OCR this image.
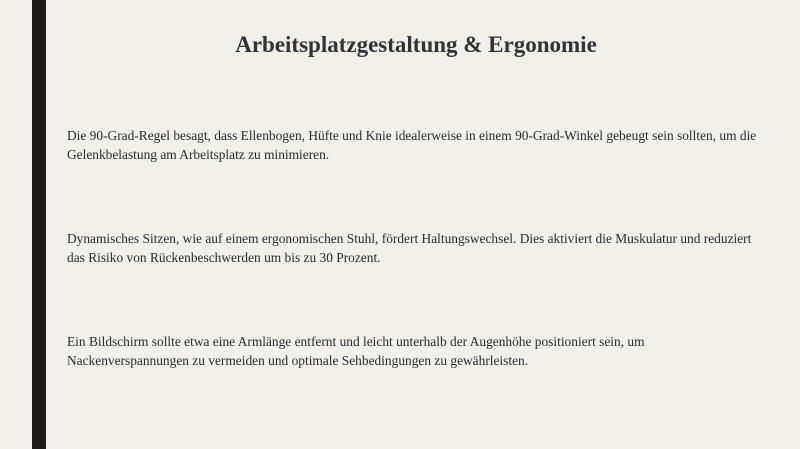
Arbeitsplatzgestaltung & Ergonomie

Die 90-Grad-Regel besagt, dass Ellenbogen, Hüfte und Knie idealerweise in einem 90-Grad-Winkel gebeugt sein sollten, um die Gelenkbelastung am Arbeitsplatz zu minimieren.

Dynamisches Sitzen, wie auf einem ergonomischen Stuhl, fördert Haltungswechsel. Dies aktiviert die Muskulatur und reduziert das Risiko von Rückenbeschwerden um bis zu 30 Prozent.

Ein Bildschirm sollte etwa eine Armlänge entfernt und leicht unterhalb der Augenhöhe positioniert sein, um Nackenverspannungen zu vermeiden und optimale Sehbedingungen zu gewährleisten.
